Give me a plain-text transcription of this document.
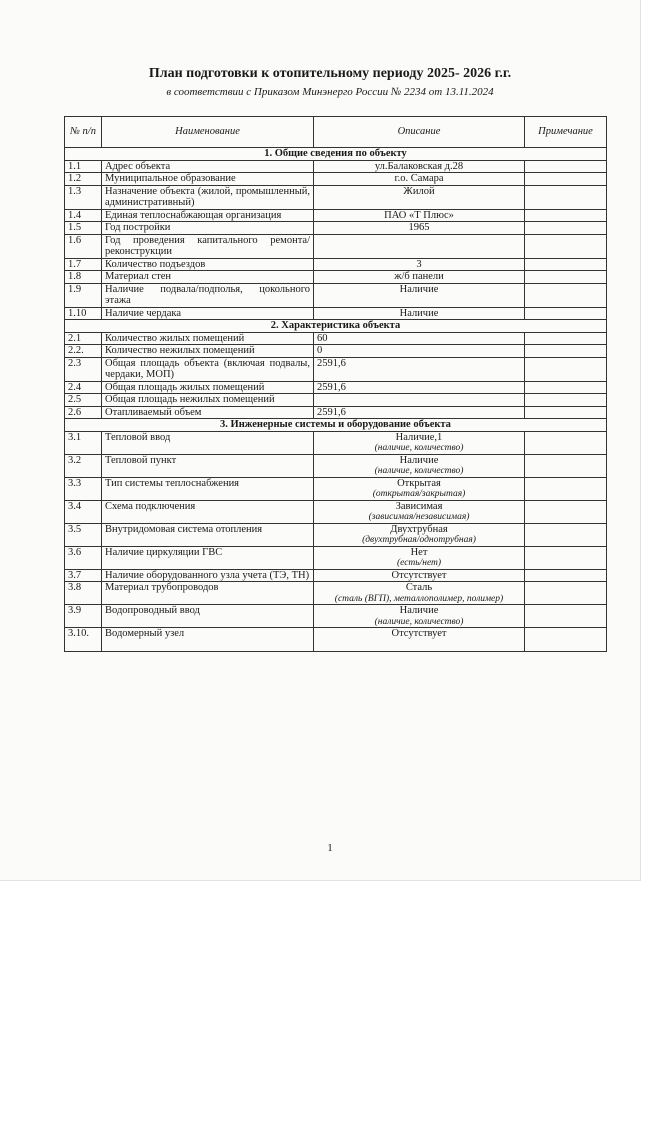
План подготовки к отопительному периоду 2025- 2026 г.г.
в соответствии с Приказом Минэнерго России № 2234 от 13.11.2024
№ п/п	Наименование	Описание	Примечание
1. Общие сведения по объекту			
1.1	Адрес объекта	ул.Балаковская д.28	
1.2	Муниципальное образование	г.о. Самара	
1.3	Назначение объекта (жилой, промышленный, административный)	Жилой	
1.4	Единая теплоснабжающая организация	ПАО «Т Плюс»	
1.5	Год постройки	1965	
1.6	Год проведения капитального ремонта/реконструкции		
1.7	Количество подъездов	3	
1.8	Материал стен	ж/б панели	
1.9	Наличие подвала/подполья, цокольного этажа	Наличие	
1.10	Наличие чердака	Наличие	
2. Характеристика объекта			
2.1	Количество жилых помещений	60	
2.2.	Количество нежилых помещений	0	
2.3	Общая площадь объекта (включая подвалы, чердаки, МОП)	2591,6	
2.4	Общая площадь жилых помещений	2591,6	
2.5	Общая площадь нежилых помещений		
2.6	Отапливаемый объем	2591,6	
3. Инженерные системы и оборудование объекта			
3.1	Тепловой ввод	Наличие,1
(наличие, количество)	

3.2	Тепловой пункт	Наличие
(наличие, количество)	

3.3	Тип системы теплоснабжения	Открытая
(открытая/закрытая)	

3.4	Схема подключения	Зависимая
(зависимая/независимая)	

3.5	Внутридомовая система отопления	Двухтрубная
(двухтрубная/однотрубная)	

3.6	Наличие циркуляции ГВС	Нет
(есть/нет)	

3.7	Наличие оборудованного узла учета (ТЭ, ТН)	Отсутствует

3.8	Материал трубопроводов	Сталь
(сталь (ВГП), металлополимер, полимер)	

3.9	Водопроводный ввод	Наличие
(наличие, количество)	

3.10.	Водомерный узел	Отсутствует

1
